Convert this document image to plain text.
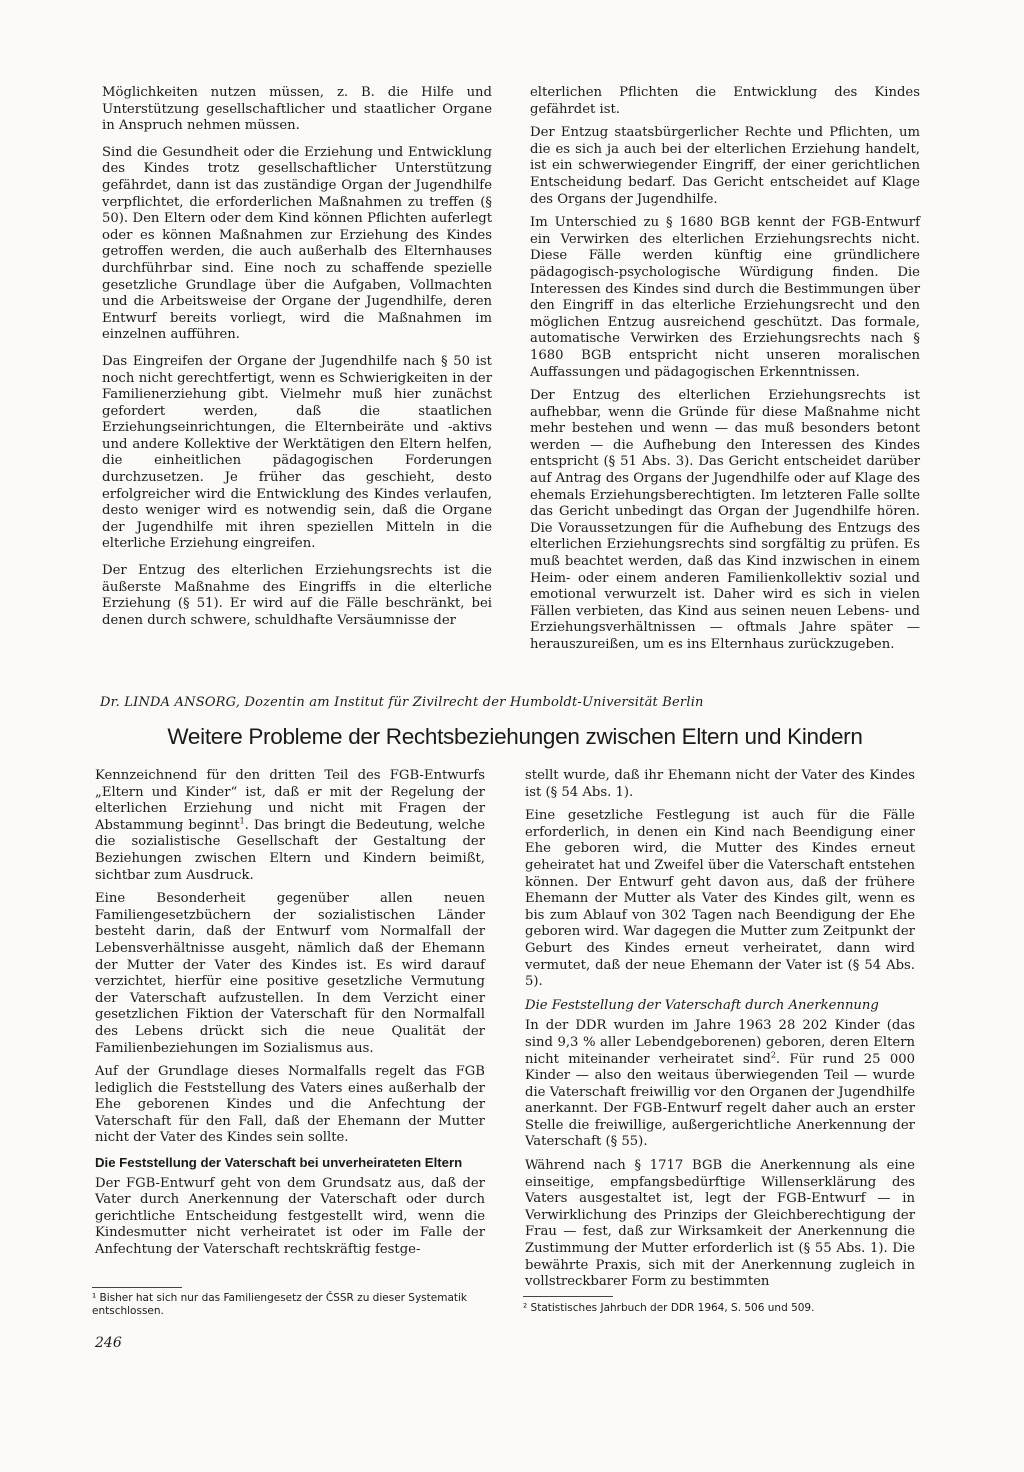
Möglichkeiten nutzen müssen, z. B. die Hilfe und Unterstützung gesellschaftlicher und staatlicher Organe in Anspruch nehmen müssen.

Sind die Gesundheit oder die Erziehung und Entwicklung des Kindes trotz gesellschaftlicher Unterstützung gefährdet, dann ist das zuständige Organ der Jugendhilfe verpflichtet, die erforderlichen Maßnahmen zu treffen (§ 50). Den Eltern oder dem Kind können Pflichten auferlegt oder es können Maßnahmen zur Erziehung des Kindes getroffen werden, die auch außerhalb des Elternhauses durchführbar sind. Eine noch zu schaffende spezielle gesetzliche Grundlage über die Aufgaben, Vollmachten und die Arbeitsweise der Organe der Jugendhilfe, deren Entwurf bereits vorliegt, wird die Maßnahmen im einzelnen aufführen.

Das Eingreifen der Organe der Jugendhilfe nach § 50 ist noch nicht gerechtfertigt, wenn es Schwierigkeiten in der Familienerziehung gibt. Vielmehr muß hier zunächst gefordert werden, daß die staatlichen Erziehungseinrichtungen, die Elternbeiräte und -aktivs und andere Kollektive der Werktätigen den Eltern helfen, die einheitlichen pädagogischen Forderungen durchzusetzen. Je früher das geschieht, desto erfolgreicher wird die Entwicklung des Kindes verlaufen, desto weniger wird es notwendig sein, daß die Organe der Jugendhilfe mit ihren speziellen Mitteln in die elterliche Erziehung eingreifen.

Der Entzug des elterlichen Erziehungsrechts ist die äußerste Maßnahme des Eingriffs in die elterliche Erziehung (§ 51). Er wird auf die Fälle beschränkt, bei denen durch schwere, schuldhafte Versäumnisse der

elterlichen Pflichten die Entwicklung des Kindes gefährdet ist.

Der Entzug staatsbürgerlicher Rechte und Pflichten, um die es sich ja auch bei der elterlichen Erziehung handelt, ist ein schwerwiegender Eingriff, der einer gerichtlichen Entscheidung bedarf. Das Gericht entscheidet auf Klage des Organs der Jugendhilfe.

Im Unterschied zu § 1680 BGB kennt der FGB-Entwurf ein Verwirken des elterlichen Erziehungsrechts nicht. Diese Fälle werden künftig eine gründlichere pädagogisch-psychologische Würdigung finden. Die Interessen des Kindes sind durch die Bestimmungen über den Eingriff in das elterliche Erziehungsrecht und den möglichen Entzug ausreichend geschützt. Das formale, automatische Verwirken des Erziehungsrechts nach § 1680 BGB entspricht nicht unseren moralischen Auffassungen und pädagogischen Erkenntnissen.

Der Entzug des elterlichen Erziehungsrechts ist aufhebbar, wenn die Gründe für diese Maßnahme nicht mehr bestehen und wenn — das muß besonders betont werden — die Aufhebung den Interessen des Kindes entspricht (§ 51 Abs. 3). Das Gericht entscheidet darüber auf Antrag des Organs der Jugendhilfe oder auf Klage des ehemals Erziehungsberechtigten. Im letzteren Falle sollte das Gericht unbedingt das Organ der Jugendhilfe hören. Die Voraussetzungen für die Aufhebung des Entzugs des elterlichen Erziehungsrechts sind sorgfältig zu prüfen. Es muß beachtet werden, daß das Kind inzwischen in einem Heim- oder einem anderen Familienkollektiv sozial und emotional verwurzelt ist. Daher wird es sich in vielen Fällen verbieten, das Kind aus seinen neuen Lebens- und Erziehungsverhältnissen — oftmals Jahre später — herauszureißen, um es ins Elternhaus zurückzugeben.

Dr. LINDA ANSORG, Dozentin am Institut für Zivilrecht der Humboldt-Universität Berlin
Weitere Probleme der Rechtsbeziehungen zwischen Eltern und Kindern

Kennzeichnend für den dritten Teil des FGB-Entwurfs „Eltern und Kinder“ ist, daß er mit der Regelung der elterlichen Erziehung und nicht mit Fragen der Abstammung beginnt$^1$. Das bringt die Bedeutung, welche die sozialistische Gesellschaft der Gestaltung der Beziehungen zwischen Eltern und Kindern beimißt, sichtbar zum Ausdruck.

Eine Besonderheit gegenüber allen neuen Familiengesetzbüchern der sozialistischen Länder besteht darin, daß der Entwurf vom Normalfall der Lebensverhältnisse ausgeht, nämlich daß der Ehemann der Mutter der Vater des Kindes ist. Es wird darauf verzichtet, hierfür eine positive gesetzliche Vermutung der Vaterschaft aufzustellen. In dem Verzicht einer gesetzlichen Fiktion der Vaterschaft für den Normalfall des Lebens drückt sich die neue Qualität der Familienbeziehungen im Sozialismus aus.

Auf der Grundlage dieses Normalfalls regelt das FGB lediglich die Feststellung des Vaters eines außerhalb der Ehe geborenen Kindes und die Anfechtung der Vaterschaft für den Fall, daß der Ehemann der Mutter nicht der Vater des Kindes sein sollte.

Die Feststellung der Vaterschaft bei unverheirateten Eltern

Der FGB-Entwurf geht von dem Grundsatz aus, daß der Vater durch Anerkennung der Vaterschaft oder durch gerichtliche Entscheidung festgestellt wird, wenn die Kindesmutter nicht verheiratet ist oder im Falle der Anfechtung der Vaterschaft rechtskräftig festge-

stellt wurde, daß ihr Ehemann nicht der Vater des Kindes ist (§ 54 Abs. 1).

Eine gesetzliche Festlegung ist auch für die Fälle erforderlich, in denen ein Kind nach Beendigung einer Ehe geboren wird, die Mutter des Kindes erneut geheiratet hat und Zweifel über die Vaterschaft entstehen können. Der Entwurf geht davon aus, daß der frühere Ehemann der Mutter als Vater des Kindes gilt, wenn es bis zum Ablauf von 302 Tagen nach Beendigung der Ehe geboren wird. War dagegen die Mutter zum Zeitpunkt der Geburt des Kindes erneut verheiratet, dann wird vermutet, daß der neue Ehemann der Vater ist (§ 54 Abs. 5).

Die Feststellung der Vaterschaft durch Anerkennung

In der DDR wurden im Jahre 1963 28 202 Kinder (das sind 9,3 % aller Lebendgeborenen) geboren, deren Eltern nicht miteinander verheiratet sind$^2$. Für rund 25 000 Kinder — also den weitaus überwiegenden Teil — wurde die Vaterschaft freiwillig vor den Organen der Jugendhilfe anerkannt. Der FGB-Entwurf regelt daher auch an erster Stelle die freiwillige, außergerichtliche Anerkennung der Vaterschaft (§ 55).

Während nach § 1717 BGB die Anerkennung als eine einseitige, empfangsbedürftige Willenserklärung des Vaters ausgestaltet ist, legt der FGB-Entwurf — in Verwirklichung des Prinzips der Gleichberechtigung der Frau — fest, daß zur Wirksamkeit der Anerkennung die Zustimmung der Mutter erforderlich ist (§ 55 Abs. 1). Die bewährte Praxis, sich mit der Anerkennung zugleich in vollstreckbarer Form zu bestimmten

¹ Bisher hat sich nur das Familiengesetz der ČSSR zu dieser Systematik entschlossen.	² Statistisches Jahrbuch der DDR 1964, S. 506 und 509.
246
